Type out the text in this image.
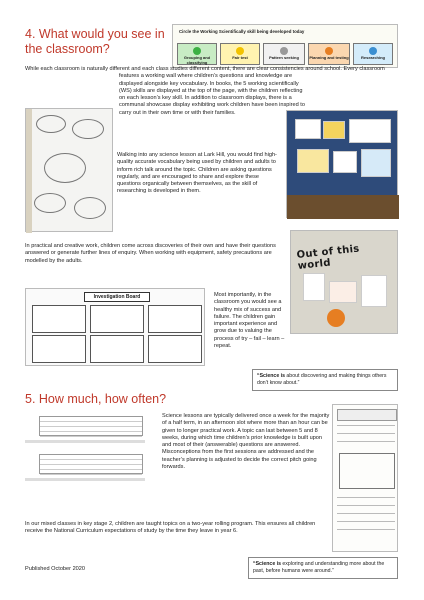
4. What would you see in the classroom?
Circle the Working Scientifically skill being developed today
Grouping and classifying
Fair test	Pattern seeking	Planning and testing	Researching

While each classroom is naturally different and each class studies different content, there are clear consistencies around school. Every classroom features a working wall where children’s questions and knowledge are displayed alongside key vocabulary. In books, the 5 working scientifically (WS) skills are displayed at the top of the page, with the children reflecting on each lesson’s key skill. In addition to classroom displays, there is a communal showcase display exhibiting work children have been inspired to carry out in their own time or with their families.

Walking into any science lesson at Lark Hill, you would find high-quality accurate vocabulary being used by children and adults to inform rich talk around the topic. Children are asking questions regularly, and are encouraged to share and explore these questions organically between themselves, as the skill of researching is developed in them.

Out of this world

In practical and creative work, children come across discoveries of their own and have their questions answered or generate further lines of enquiry. When working with equipment, safety precautions are modelled by the adults.

Investigation Board	Most importantly, in the classroom you would see a healthy mix of success and failure. The children gain important experience and grow due to valuing the process of try – fail – learn – repeat.

“Science is about discovering and making things others don’t know about.”
5. How much, how often?

Science lessons are typically delivered once a week for the majority of a half term, in an afternoon slot where more than an hour can be given to longer practical work. A topic can last between 5 and 8 weeks, during which time children’s prior knowledge is built upon and most of their (answerable) questions are answered. Misconceptions from the first sessions are addressed and the teacher’s planning is adjusted to decide the correct pitch going forwards.

In our mixed classes in key stage 2, children are taught topics on a two-year rolling program. This ensures all children receive the National Curriculum expectations of study by the time they leave in year 6.

“Science is exploring and understanding more about the past, before humans were around.”
Published October 2020
